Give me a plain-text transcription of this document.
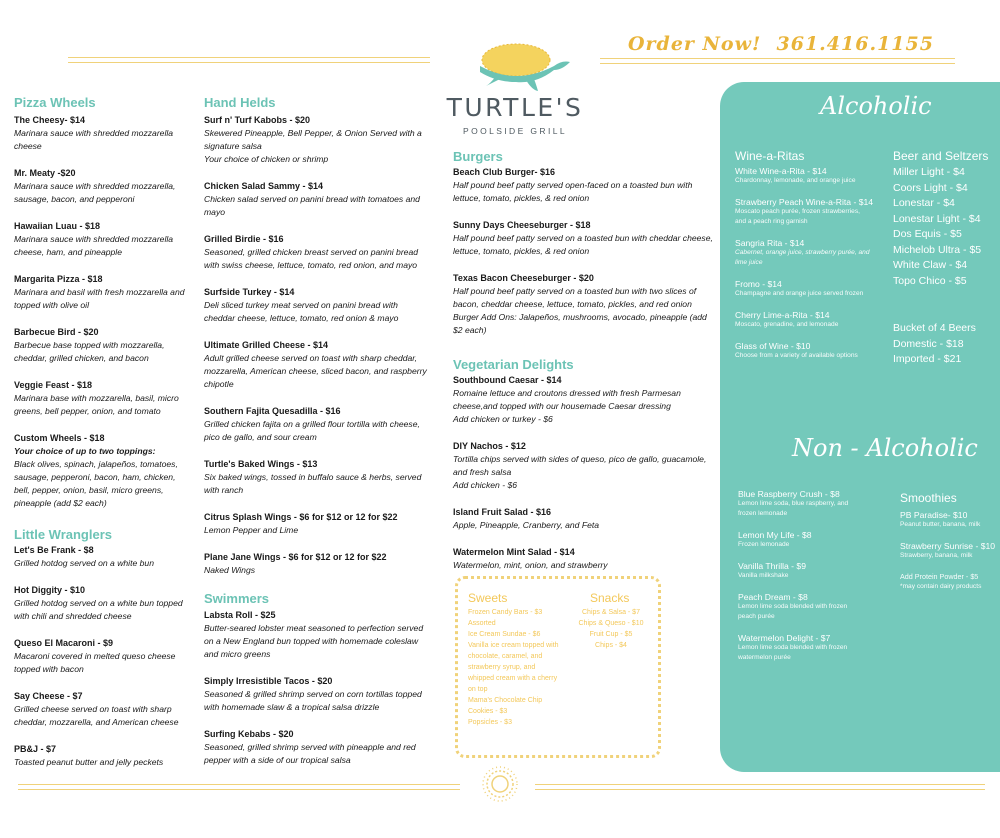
Order Now!  361.416.1155
TURTLE'S
POOLSIDE GRILL
Pizza Wheels
The Cheesy- $14
Marinara sauce with shredded mozzarella
cheese
Mr. Meaty -$20
Marinara sauce with shredded mozzarella,
sausage, bacon, and pepperoni
Hawaiian Luau - $18
Marinara sauce with shredded mozzarella
cheese, ham, and pineapple
Margarita Pizza - $18
Marinara and basil with fresh mozzarella and
topped with olive oil
Barbecue Bird - $20
Barbecue base topped with mozzarella,
cheddar, grilled chicken, and bacon
Veggie Feast - $18
Marinara base with mozzarella, basil, micro
greens, bell pepper, onion, and tomato
Custom Wheels - $18
Your choice of up to two toppings:
Black olives, spinach, jalapeños, tomatoes,
sausage, pepperoni, bacon, ham, chicken,
bell, pepper, onion, basil, micro greens,
pineapple (add $2 each)
Little Wranglers
Let's Be Frank - $8
Grilled hotdog served on a white bun
Hot Diggity - $10
Grilled hotdog served on a white bun topped
with chili and shredded cheese
Queso El Macaroni - $9
Macaroni covered in melted queso cheese
topped with bacon
Say Cheese - $7
Grilled cheese served on toast with sharp
cheddar, mozzarella, and American cheese
PB&J - $7
Toasted peanut butter and jelly peckets
Hand Helds
Surf n' Turf Kabobs - $20
Skewered Pineapple, Bell Pepper, & Onion Served with a
signature salsa
Your choice of chicken or shrimp
Chicken Salad Sammy - $14
Chicken salad served on panini bread with tomatoes and
mayo
Grilled Birdie - $16
Seasoned, grilled chicken breast served on panini bread
with swiss cheese, lettuce, tomato, red onion, and mayo
Surfside Turkey - $14
Deli sliced turkey meat served on panini bread with
cheddar cheese, lettuce, tomato, red onion & mayo
Ultimate Grilled Cheese - $14
Adult grilled cheese served on toast with sharp cheddar,
mozzarella, American cheese, sliced bacon, and raspberry
chipotle
Southern Fajita Quesadilla - $16
Grilled chicken fajita on a grilled flour tortilla with cheese,
pico de gallo, and sour cream
Turtle's Baked Wings - $13
Six baked wings, tossed in buffalo sauce & herbs, served
with ranch
Citrus Splash Wings - $6 for $12 or 12 for $22
Lemon Pepper and Lime
Plane Jane Wings - $6 for $12 or 12 for $22
Naked Wings
Swimmers
Labsta Roll - $25
Butter-seared lobster meat seasoned to perfection served
on a New England bun topped with homemade coleslaw
and micro greens
Simply Irresistible Tacos - $20
Seasoned & grilled shrimp served on corn tortillas topped
with homemade slaw & a tropical salsa drizzle
Surfing Kebabs - $20
Seasoned, grilled shrimp served with pineapple and red
pepper with a side of our tropical salsa
Burgers
Beach Club Burger- $16
Half pound beef patty served open-faced on a toasted bun with
lettuce, tomato, pickles, & red onion
Sunny Days Cheeseburger - $18
Half pound beef patty served on a toasted bun with cheddar cheese,
lettuce, tomato, pickles, & red onion
Texas Bacon Cheeseburger - $20
Half pound beef patty served on a toasted bun with two slices of
bacon, cheddar cheese, lettuce, tomato, pickles, and red onion
Burger Add Ons: Jalapeños, mushrooms, avocado, pineapple (add
$2 each)
Vegetarian Delights
Southbound Caesar - $14
Romaine lettuce and croutons dressed with fresh Parmesan
cheese,and topped with our housemade Caesar dressing
Add chicken or turkey - $6
DIY Nachos - $12
Tortilla chips served with sides of queso, pico de gallo, guacamole,
and fresh salsa
Add chicken - $6
Island Fruit Salad - $16
Apple, Pineapple, Cranberry, and Feta
Watermelon Mint Salad - $14
Watermelon, mint, onion, and strawberry
Sweets
Frozen Candy Bars - $3
Assorted
Ice Cream Sundae - $6
Vanilla ice cream topped with
chocolate, caramel, and
strawberry syrup, and
whipped cream with a cherry
on top
Mama's Chocolate Chip
Cookies - $3
Popsicles - $3
Snacks
Chips & Salsa - $7
Chips & Queso - $10
Fruit Cup - $5
Chips - $4
Alcoholic
Wine-a-Ritas
White Wine-a-Rita - $14
Chardonnay, lemonade, and orange juice
Strawberry Peach Wine-a-Rita - $14
Moscato peach purée, frozen strawberries,
and a peach ring garnish
Sangria Rita - $14
Cabernet, orange juice, strawberry purée, and
lime juice
Fromo - $14
Champagne and orange juice served frozen
Cherry Lime-a-Rita - $14
Moscato, grenadine, and lemonade
Glass of Wine - $10
Choose from a variety of available options
Beer and Seltzers
Miller Light - $4
Coors Light - $4
Lonestar - $4
Lonestar Light - $4
Dos Equis - $5
Michelob Ultra - $5
White Claw - $4
Topo Chico - $5
Bucket of 4 Beers
Domestic - $18
Imported - $21
Non - Alcoholic
Blue Raspberry Crush - $8
Lemon lime soda, blue raspberry, and
frozen lemonade
Lemon My Life - $8
Frozen lemonade
Vanilla Thrilla - $9
Vanilla milkshake
Peach Dream - $8
Lemon lime soda blended with frozen
peach purée
Watermelon Delight - $7
Lemon lime soda blended with frozen
watermelon purée
Smoothies
PB Paradise- $10
Peanut butter, banana, milk
Strawberry Sunrise - $10
Strawberry, banana, milk
Add Protein Powder - $5
*may contain dairy products
